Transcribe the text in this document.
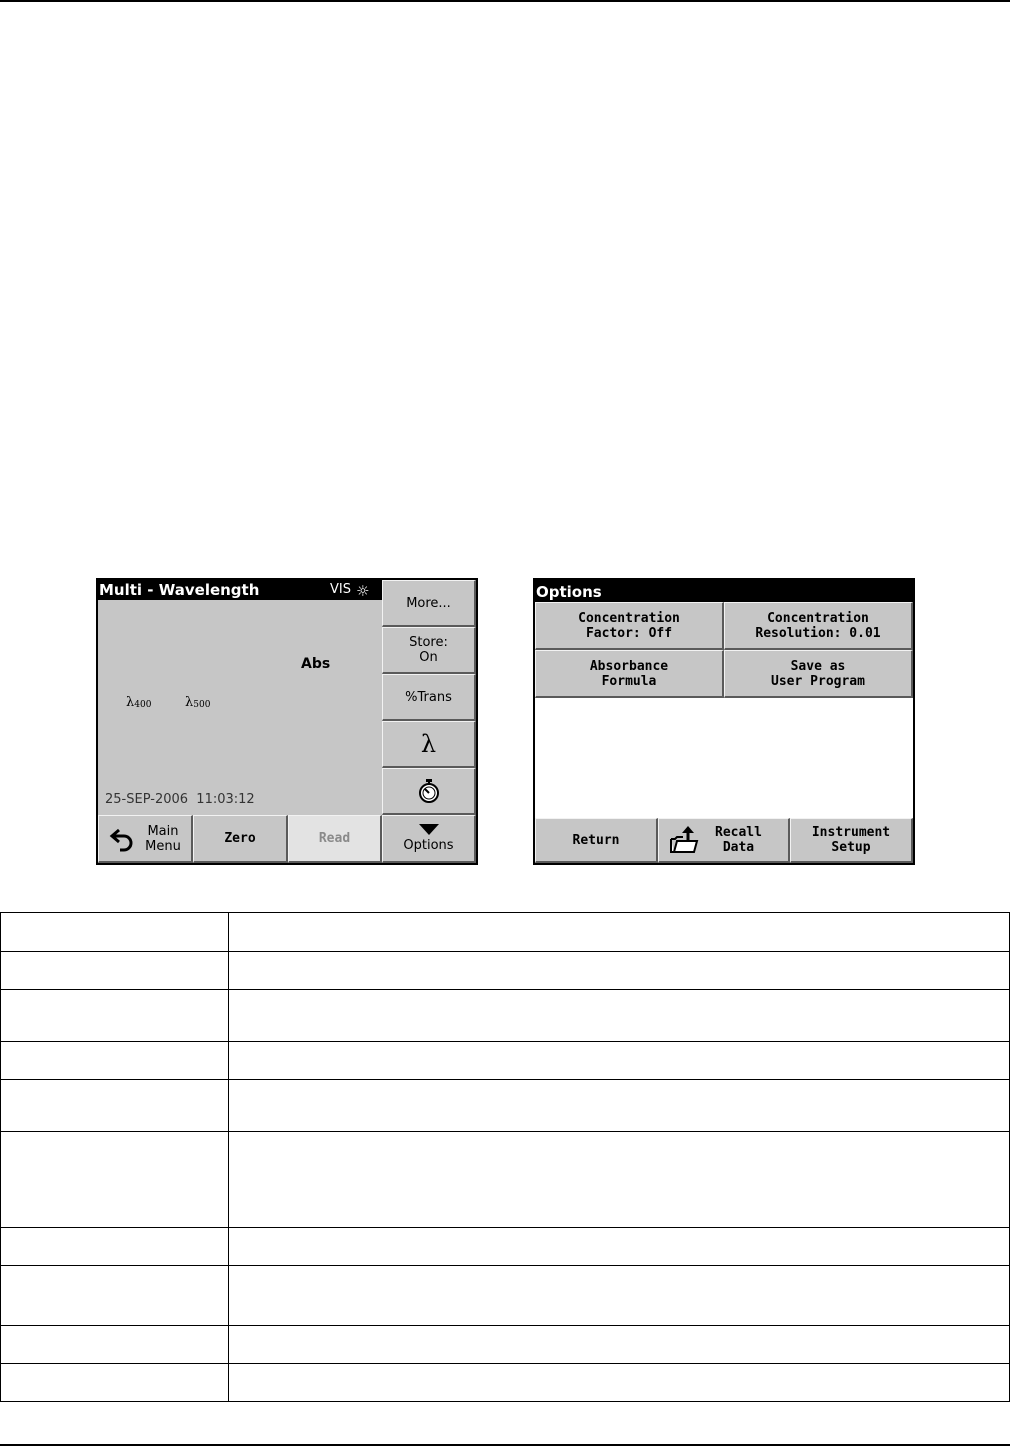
Multi - Wavelength	VIS ☼
Abs
$\lambda_{400}$	$\lambda_{500}$
25-SEP-2006  11:03:12
More...
Store:
On
%Trans
λ
Main
Menu	Zero	Read	Options
Options
Concentration
Factor: Off
Concentration
Resolution: 0.01
Absorbance
Formula
Save as
User Program
Return	Recall
Data
Instrument
Setup
